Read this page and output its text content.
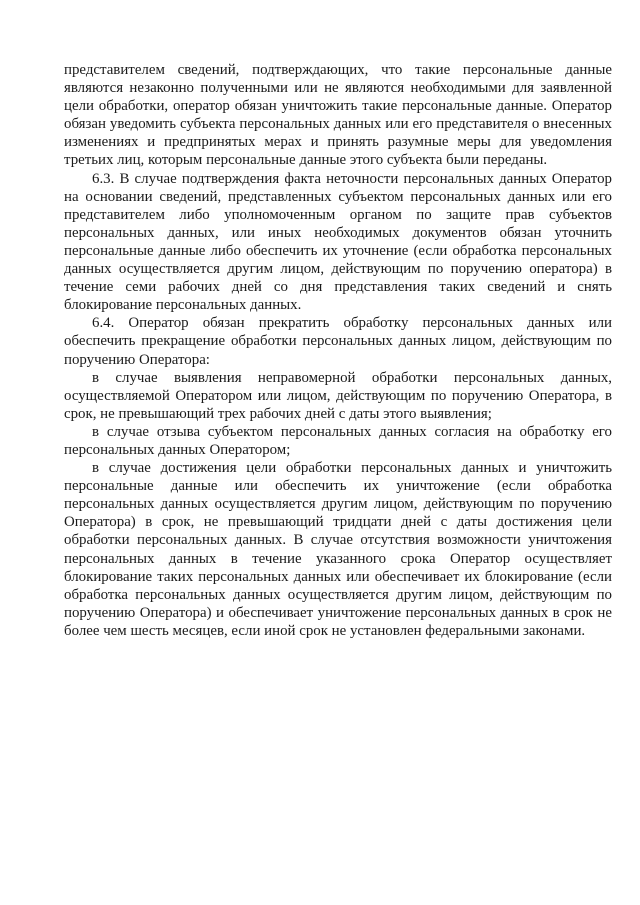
представителем сведений, подтверждающих, что такие персональные данные являются незаконно полученными или не являются необходимыми для заявленной цели обработки, оператор обязан уничтожить такие персональные данные. Оператор обязан уведомить субъекта персональных данных или его представителя о внесенных изменениях и предпринятых мерах и принять разумные меры для уведомления третьих лиц, которым персональные данные этого субъекта были переданы.

6.3. В случае подтверждения факта неточности персональных данных Оператор на основании сведений, представленных субъектом персональных данных или его представителем либо уполномоченным органом по защите прав субъектов персональных данных, или иных необходимых документов обязан уточнить персональные данные либо обеспечить их уточнение (если обработка персональных данных осуществляется другим лицом, действующим по поручению оператора) в течение семи рабочих дней со дня представления таких сведений и снять блокирование персональных данных.

6.4. Оператор обязан прекратить обработку персональных данных или обеспечить прекращение обработки персональных данных лицом, действующим по поручению Оператора:

в случае выявления неправомерной обработки персональных данных, осуществляемой Оператором или лицом, действующим по поручению Оператора, в срок, не превышающий трех рабочих дней с даты этого выявления;

в случае отзыва субъектом персональных данных согласия на обработку его персональных данных Оператором;

в случае достижения цели обработки персональных данных и уничтожить персональные данные или обеспечить их уничтожение (если обработка персональных данных осуществляется другим лицом, действующим по поручению Оператора) в срок, не превышающий тридцати дней с даты достижения цели обработки персональных данных. В случае отсутствия возможности уничтожения персональных данных в течение указанного срока Оператор осуществляет блокирование таких персональных данных или обеспечивает их блокирование (если обработка персональных данных осуществляется другим лицом, действующим по поручению Оператора) и обеспечивает уничтожение персональных данных в срок не более чем шесть месяцев, если иной срок не установлен федеральными законами.
